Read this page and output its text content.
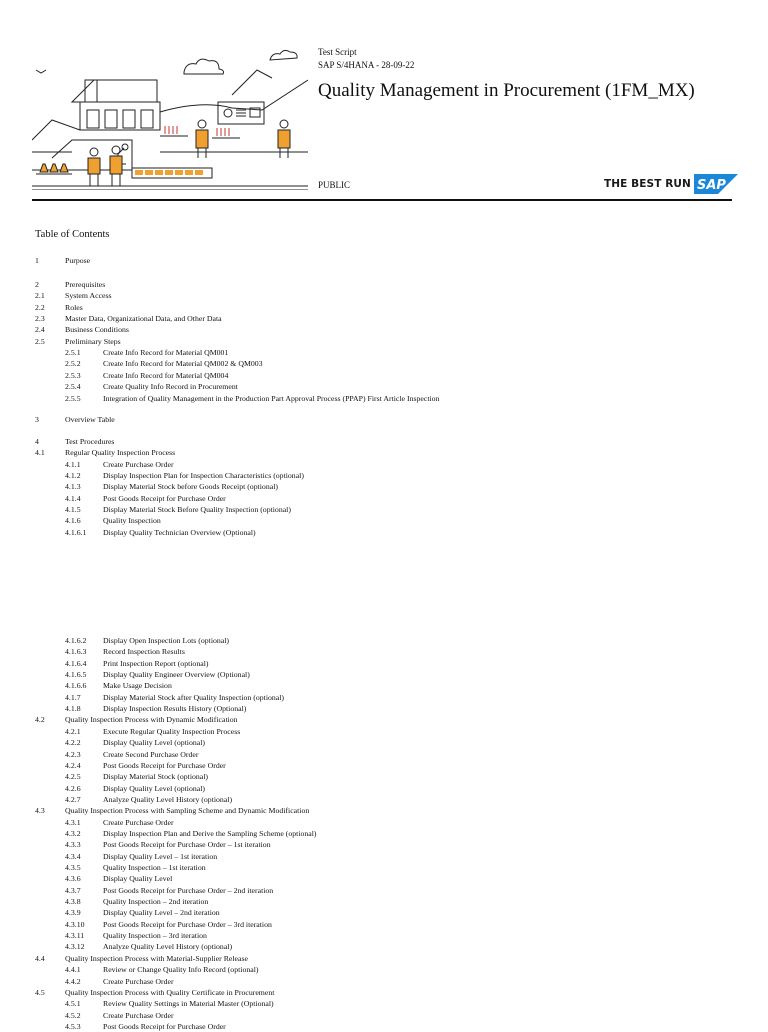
Test Script
SAP S/4HANA - 28-09-22
Quality Management in Procurement (1FM_MX)
PUBLIC	THE BEST RUN SAP
Table of Contents
1	Purpose
2	Prerequisites
2.1	System Access
2.2	Roles
2.3	Master Data, Organizational Data, and Other Data
2.4	Business Conditions
2.5	Preliminary Steps
2.5.1	Create Info Record for Material QM001
2.5.2	Create Info Record for Material QM002 & QM003
2.5.3	Create Info Record for Material QM004
2.5.4	Create Quality Info Record in Procurement
2.5.5	Integration of Quality Management in the Production Part Approval Process (PPAP) First Article Inspection
3	Overview Table
4	Test Procedures
4.1	Regular Quality Inspection Process
4.1.1	Create Purchase Order
4.1.2	Display Inspection Plan for Inspection Characteristics (optional)
4.1.3	Display Material Stock before Goods Receipt (optional)
4.1.4	Post Goods Receipt for Purchase Order
4.1.5	Display Material Stock Before Quality Inspection (optional)
4.1.6	Quality Inspection
4.1.6.1 Display Quality Technician Overview (Optional)
4.1.6.2 Display Open Inspection Lots (optional)
4.1.6.3 Record Inspection Results
4.1.6.4 Print Inspection Report (optional)
4.1.6.5 Display Quality Engineer Overview (Optional)
4.1.6.6 Make Usage Decision
4.1.7	Display Material Stock after Quality Inspection (optional)
4.1.8	Display Inspection Results History (Optional)
4.2	Quality Inspection Process with Dynamic Modification
4.2.1	Execute Regular Quality Inspection Process
4.2.2	Display Quality Level (optional)
4.2.3	Create Second Purchase Order
4.2.4	Post Goods Receipt for Purchase Order
4.2.5	Display Material Stock (optional)
4.2.6	Display Quality Level (optional)
4.2.7	Analyze Quality Level History (optional)
4.3	Quality Inspection Process with Sampling Scheme and Dynamic Modification
4.3.1	Create Purchase Order
4.3.2	Display Inspection Plan and Derive the Sampling Scheme (optional)
4.3.3	Post Goods Receipt for Purchase Order – 1st iteration
4.3.4	Display Quality Level – 1st iteration
4.3.5	Quality Inspection – 1st iteration
4.3.6	Display Quality Level
4.3.7	Post Goods Receipt for Purchase Order – 2nd iteration
4.3.8	Quality Inspection – 2nd iteration
4.3.9	Display Quality Level – 2nd iteration
4.3.10 Post Goods Receipt for Purchase Order – 3rd iteration
4.3.11 Quality Inspection – 3rd iteration
4.3.12 Analyze Quality Level History (optional)
4.4	Quality Inspection Process with Material-Supplier Release
4.4.1	Review or Change Quality Info Record (optional)
4.4.2	Create Purchase Order
4.5	Quality Inspection Process with Quality Certificate in Procurement
4.5.1	Review Quality Settings in Material Master (Optional)
4.5.2	Create Purchase Order
4.5.3	Post Goods Receipt for Purchase Order
